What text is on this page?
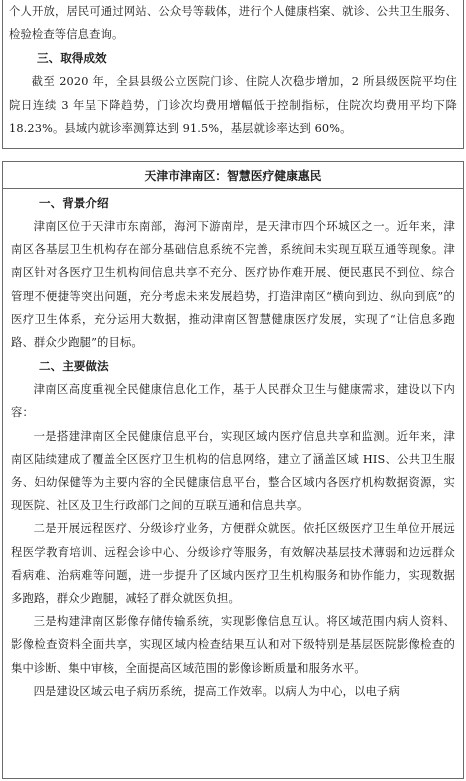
个人开放，居民可通过网站、公众号等载体，进行个人健康档案、就诊、公共卫生服务、检验检查等信息查询。

三、取得成效

截至 2020 年，全县县级公立医院门诊、住院人次稳步增加，2 所县级医院平均住院日连续 3 年呈下降趋势，门诊次均费用增幅低于控制指标，住院次均费用平均下降 18.23%。县域内就诊率测算达到 91.5%，基层就诊率达到 60%。

天津市津南区：智慧医疗健康惠民
一、背景介绍

津南区位于天津市东南部，海河下游南岸，是天津市四个环城区之一。近年来，津南区各基层卫生机构存在部分基础信息系统不完善，系统间未实现互联互通等现象。津南区针对各医疗卫生机构间信息共享不充分、医疗协作难开展、便民惠民不到位、综合管理不便捷等突出问题，充分考虑未来发展趋势，打造津南区“横向到边、纵向到底”的医疗卫生体系，充分运用大数据，推动津南区智慧健康医疗发展，实现了“让信息多跑路、群众少跑腿”的目标。

二、主要做法

津南区高度重视全民健康信息化工作，基于人民群众卫生与健康需求，建设以下内容：

一是搭建津南区全民健康信息平台，实现区域内医疗信息共享和监测。近年来，津南区陆续建成了覆盖全区医疗卫生机构的信息网络，建立了涵盖区域 HIS、公共卫生服务、妇幼保健等为主要内容的全民健康信息平台，整合区域内各医疗机构数据资源，实现医院、社区及卫生行政部门之间的互联互通和信息共享。

二是开展远程医疗、分级诊疗业务，方便群众就医。依托区级医疗卫生单位开展远程医学教育培训、远程会诊中心、分级诊疗等服务，有效解决基层技术薄弱和边远群众看病难、治病难等问题，进一步提升了区域内医疗卫生机构服务和协作能力，实现数据多跑路，群众少跑腿，减轻了群众就医负担。

三是构建津南区影像存储传输系统，实现影像信息互认。将区域范围内病人资料、影像检查资料全面共享，实现区域内检查结果互认和对下级特别是基层医院影像检查的集中诊断、集中审核，全面提高区域范围的影像诊断质量和服务水平。

四是建设区域云电子病历系统，提高工作效率。以病人为中心，以电子病
